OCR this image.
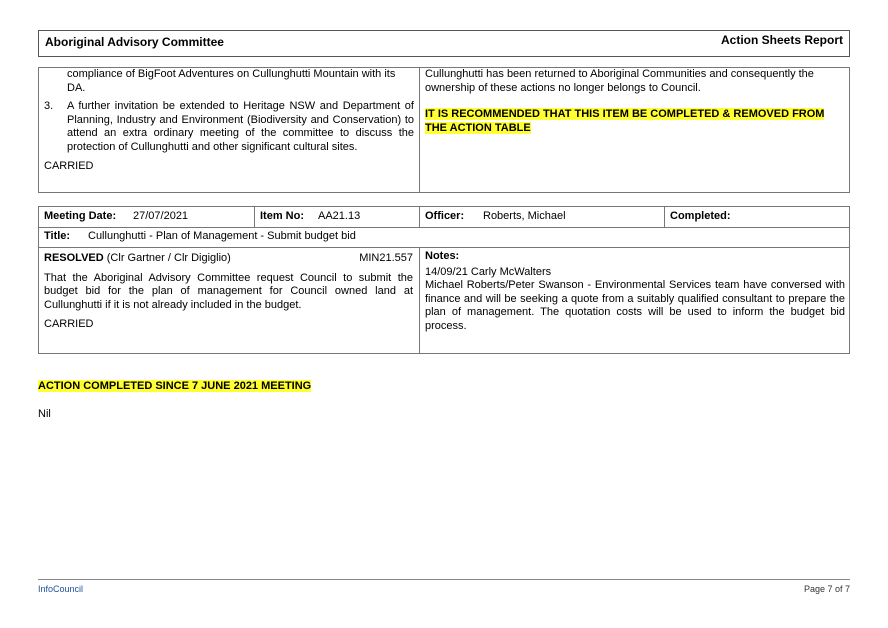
Aboriginal Advisory Committee	Action Sheets Report
compliance of BigFoot Adventures on Cullunghutti Mountain with its DA.
3.	A further invitation be extended to Heritage NSW and Department of Planning, Industry and Environment (Biodiversity and Conservation) to attend an extra ordinary meeting of the committee to discuss the protection of Cullunghutti and other significant cultural sites.
CARRIED
Cullunghutti has been returned to Aboriginal Communities and consequently the ownership of these actions no longer belongs to Council.
IT IS RECOMMENDED THAT THIS ITEM BE COMPLETED & REMOVED FROM THE ACTION TABLE
Meeting Date: 27/07/2021	Item No: AA21.13	Officer: Roberts, Michael	Completed:
Title: Cullunghutti - Plan of Management - Submit budget bid
RESOLVED (Clr Gartner / Clr Digiglio)	MIN21.557
That the Aboriginal Advisory Committee request Council to submit the budget bid for the plan of management for Council owned land at Cullunghutti if it is not already included in the budget.
CARRIED
Notes:
14/09/21 Carly McWalters
Michael Roberts/Peter Swanson - Environmental Services team have conversed with finance and will be seeking a quote from a suitably qualified consultant to prepare the plan of management. The quotation costs will be used to inform the budget bid process.
ACTION COMPLETED SINCE 7 JUNE 2021 MEETING
Nil
InfoCouncil	Page 7 of 7
